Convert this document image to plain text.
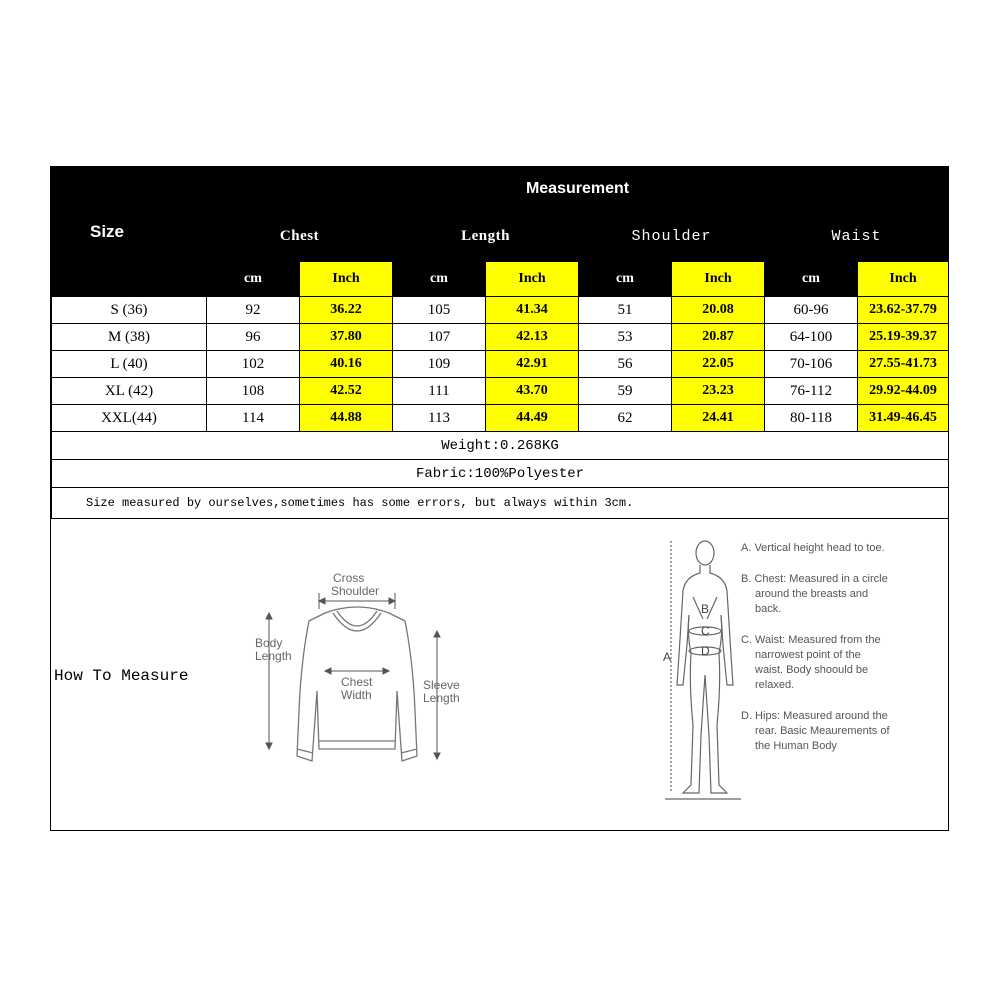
Size	Measurement							
	Chest		Length		Shoulder		Waist	
	cm	Inch	cm	Inch	cm	Inch	cm	Inch
S (36)	92	36.22	105	41.34	51	20.08	60-96	23.62-37.79
M (38)	96	37.80	107	42.13	53	20.87	64-100	25.19-39.37
L (40)	102	40.16	109	42.91	56	22.05	70-106	27.55-41.73
XL (42)	108	42.52	111	43.70	59	23.23	76-112	29.92-44.09
XXL(44)	114	44.88	113	44.49	62	24.41	80-118	31.49-46.45
Weight:0.268KG								
Fabric:100%Polyester								
Size measured by ourselves,sometimes has some errors, but always within 3cm.								
How To Measure
Cross
Shoulder
Body
Length
Chest
Width
Sleeve
Length
B
C
D
A

A. Vertical height head to toe.

B. Chest: Measured in a circle around the breasts and back.

C. Waist: Measured from the narrowest point of the waist. Body shoould be relaxed.

D. Hips: Measured around the rear. Basic Meaurements of the Human Body
